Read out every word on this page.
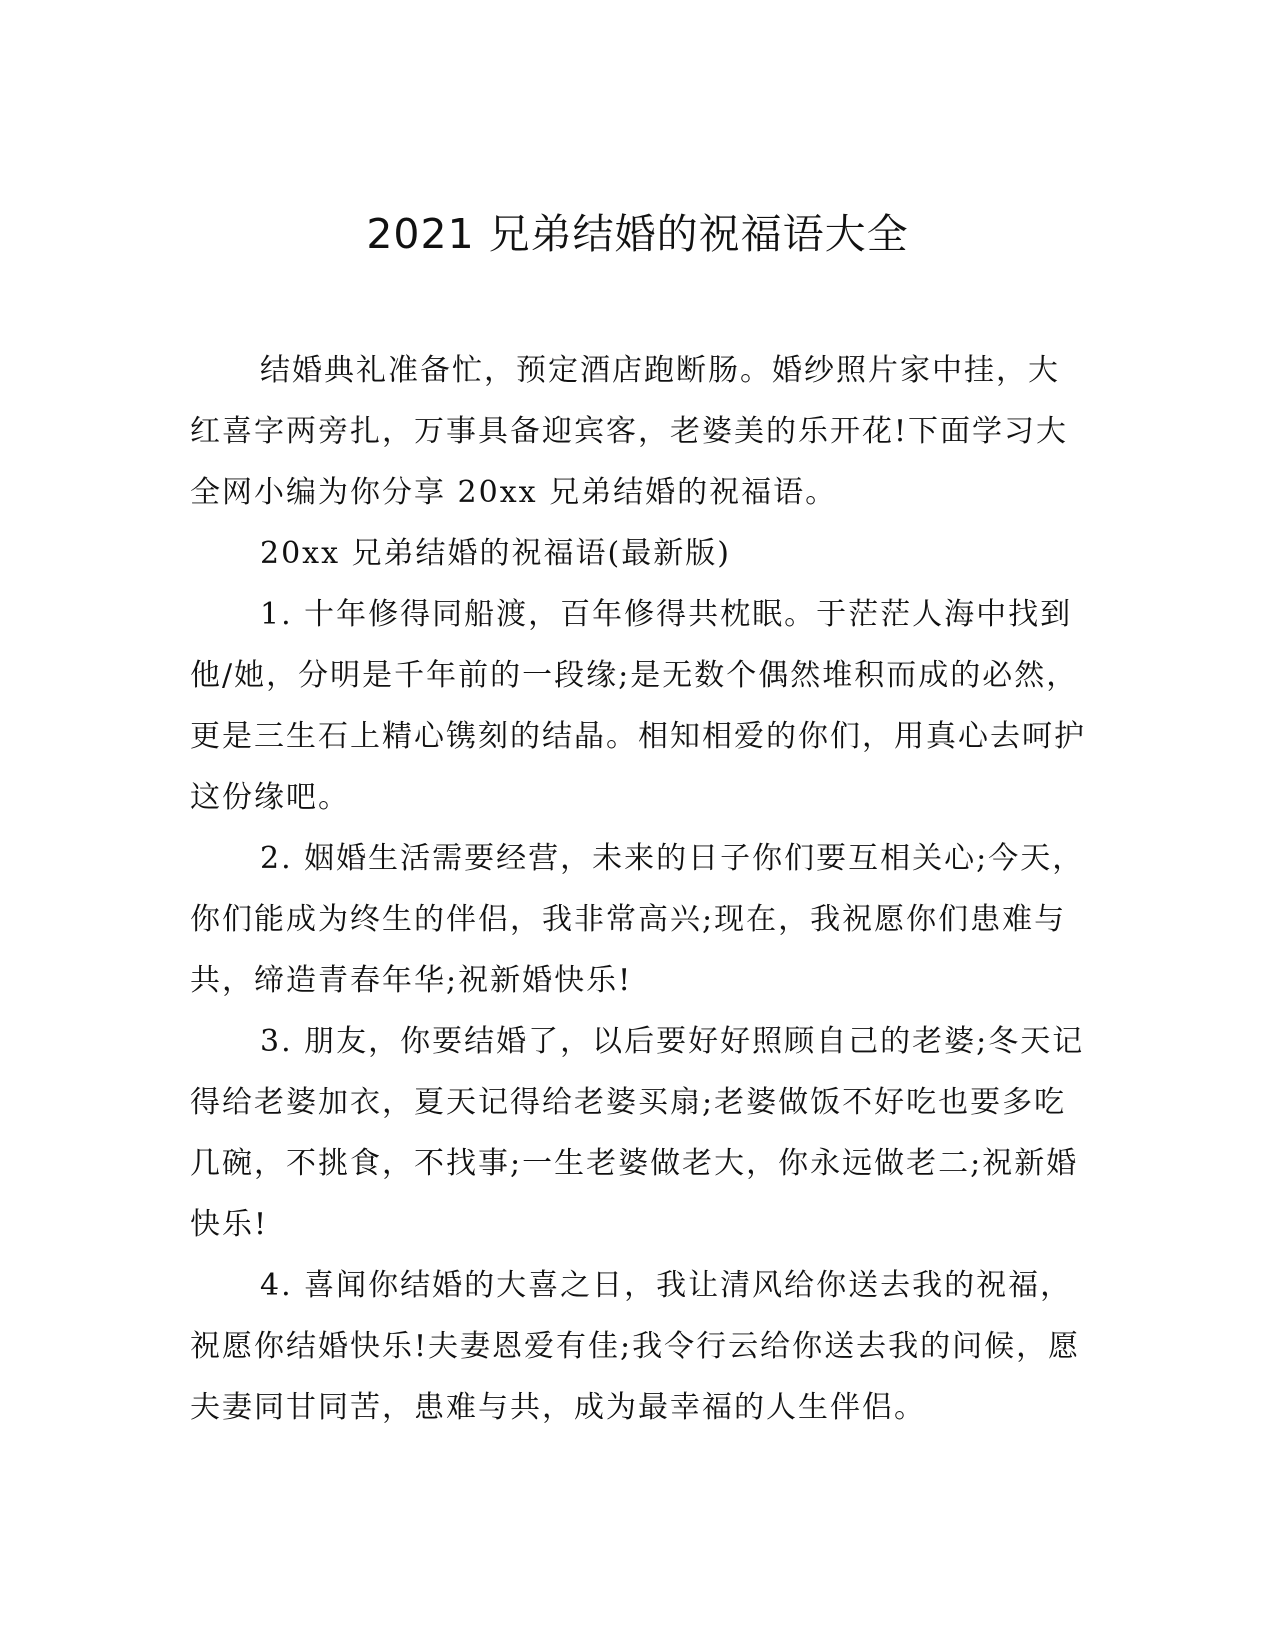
2021 兄弟结婚的祝福语大全

结婚典礼准备忙，预定酒店跑断肠。婚纱照片家中挂，大红喜字两旁扎，万事具备迎宾客，老婆美的乐开花!下面学习大全网小编为你分享 20xx 兄弟结婚的祝福语。

20xx 兄弟结婚的祝福语(最新版)

1. 十年修得同船渡，百年修得共枕眠。于茫茫人海中找到他/她，分明是千年前的一段缘;是无数个偶然堆积而成的必然，更是三生石上精心镌刻的结晶。相知相爱的你们，用真心去呵护这份缘吧。

2. 姻婚生活需要经营，未来的日子你们要互相关心;今天，你们能成为终生的伴侣，我非常高兴;现在，我祝愿你们患难与共，缔造青春年华;祝新婚快乐!

3. 朋友，你要结婚了，以后要好好照顾自己的老婆;冬天记得给老婆加衣，夏天记得给老婆买扇;老婆做饭不好吃也要多吃几碗，不挑食，不找事;一生老婆做老大，你永远做老二;祝新婚快乐!

4. 喜闻你结婚的大喜之日，我让清风给你送去我的祝福，祝愿你结婚快乐!夫妻恩爱有佳;我令行云给你送去我的问候，愿夫妻同甘同苦，患难与共，成为最幸福的人生伴侣。
